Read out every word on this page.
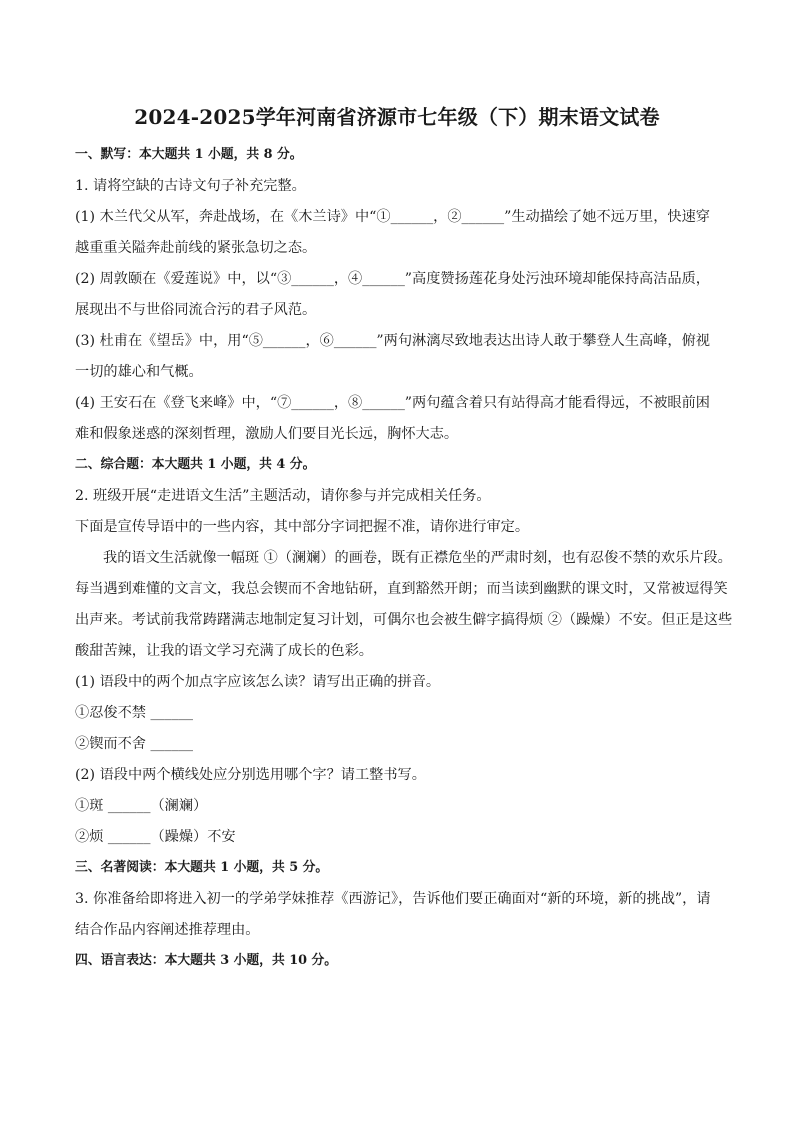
2024-2025学年河南省济源市七年级（下）期末语文试卷
一、默写：本大题共 1 小题，共 8 分。
1. 请将空缺的古诗文句子补充完整。
(1) 木兰代父从军，奔赴战场，在《木兰诗》中“①______，②______”生动描绘了她不远万里，快速穿
越重重关隘奔赴前线的紧张急切之态。
(2) 周敦颐在《爱莲说》中，以“③______，④______”高度赞扬莲花身处污浊环境却能保持高洁品质，
展现出不与世俗同流合污的君子风范。
(3) 杜甫在《望岳》中，用“⑤______，⑥______”两句淋漓尽致地表达出诗人敢于攀登人生高峰，俯视
一切的雄心和气概。
(4) 王安石在《登飞来峰》中，“⑦______，⑧______”两句蕴含着只有站得高才能看得远，不被眼前困
难和假象迷惑的深刻哲理，激励人们要目光长远，胸怀大志。
二、综合题：本大题共 1 小题，共 4 分。
2. 班级开展“走进语文生活”主题活动，请你参与并完成相关任务。
下面是宣传导语中的一些内容，其中部分字词把握不准，请你进行审定。
我的语文生活就像一幅斑 ①（澜斓）的画卷，既有正襟危坐的严肃时刻，也有忍俊不禁的欢乐片段。
每当遇到难懂的文言文，我总会锲而不舍地钻研，直到豁然开朗；而当读到幽默的课文时，又常被逗得笑
出声来。考试前我常踌躇满志地制定复习计划，可偶尔也会被生僻字搞得烦 ②（躁燥）不安。但正是这些
酸甜苦辣，让我的语文学习充满了成长的色彩。
(1) 语段中的两个加点字应该怎么读？请写出正确的拼音。
①忍俊不禁 ______
②锲而不舍 ______
(2) 语段中两个横线处应分别选用哪个字？请工整书写。
①斑 ______（澜斓）
②烦 ______（躁燥）不安
三、名著阅读：本大题共 1 小题，共 5 分。
3. 你准备给即将进入初一的学弟学妹推荐《西游记》，告诉他们要正确面对“新的环境，新的挑战”，请
结合作品内容阐述推荐理由。
四、语言表达：本大题共 3 小题，共 10 分。
